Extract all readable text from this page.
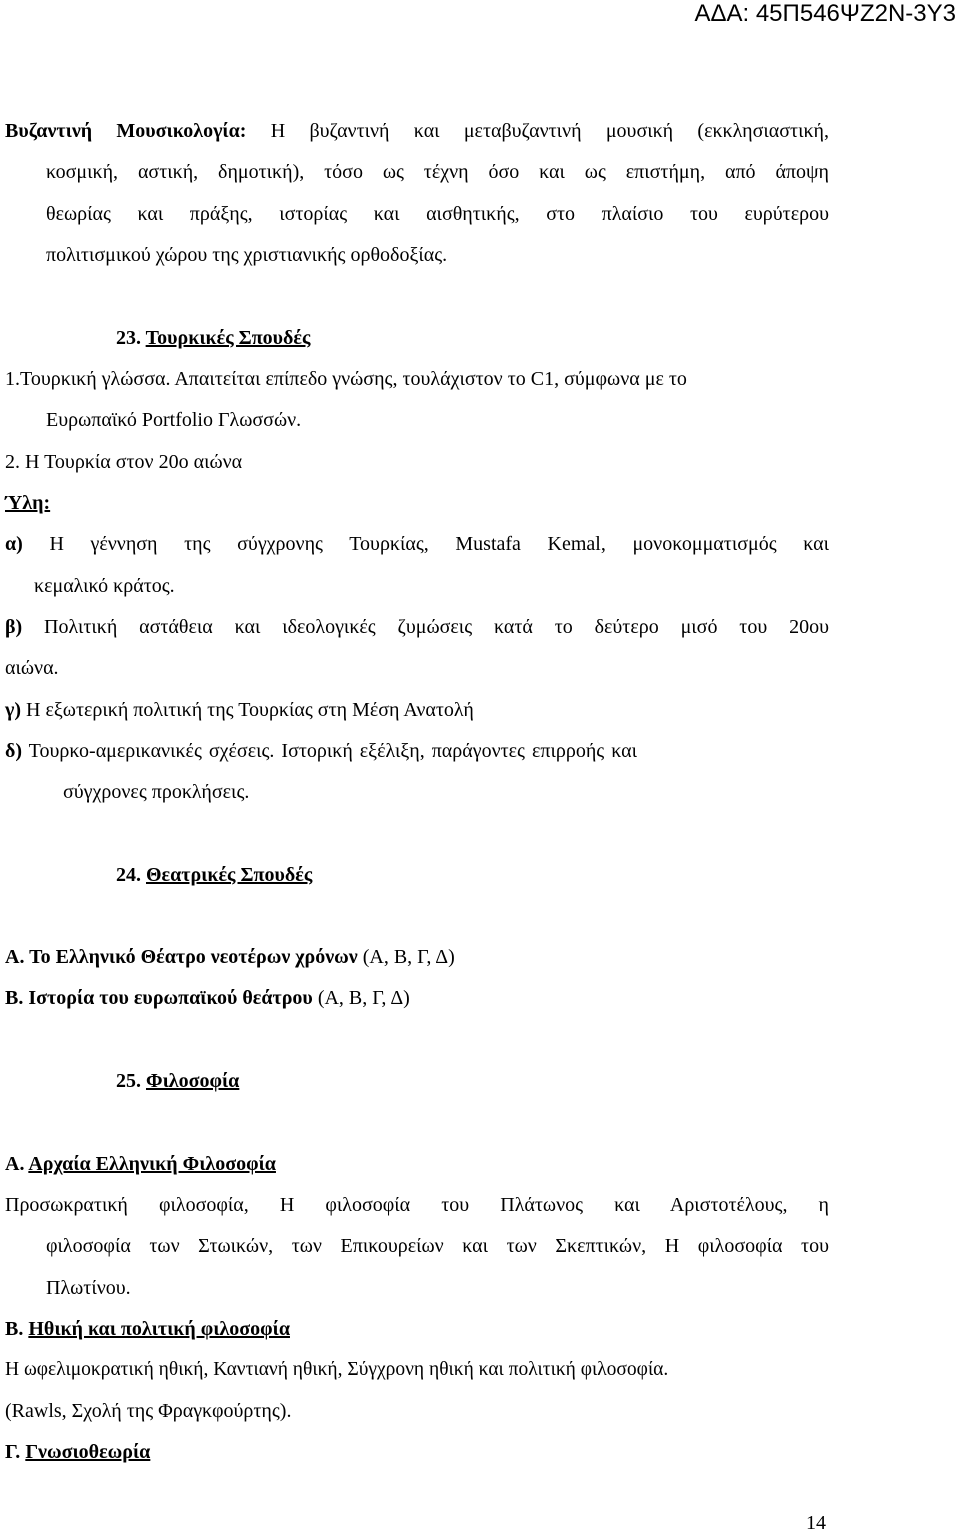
ΑΔΑ: 45Π546ΨΖ2Ν-3Υ3
Βυζαντινή Μουσικολογία: Η βυζαντινή και μεταβυζαντινή μουσική (εκκλησιαστική,
κοσμική, αστική, δημοτική), τόσο ως τέχνη όσο και ως επιστήμη, από άποψη
θεωρίας και πράξης, ιστορίας και αισθητικής, στο πλαίσιο του ευρύτερου
πολιτισμικού χώρου της χριστιανικής ορθοδοξίας.
23. Τουρκικές Σπουδές
1.Τουρκική γλώσσα. Απαιτείται επίπεδο γνώσης, τουλάχιστον το C1, σύμφωνα με το
Ευρωπαϊκό Portfolio Γλωσσών.
2. Η Τουρκία στον 20ο αιώνα
Ύλη:
α) Η γέννηση της σύγχρονης Τουρκίας, Mustafa Kemal, μονοκομματισμός και
κεμαλικό κράτος.
β) Πολιτική αστάθεια και ιδεολογικές ζυμώσεις κατά το δεύτερο μισό του 20ου
αιώνα.
γ) Η εξωτερική πολιτική της Τουρκίας στη Μέση Ανατολή
δ) Τουρκο-αμερικανικές σχέσεις. Ιστορική εξέλιξη, παράγοντες επιρροής και
σύγχρονες προκλήσεις.
24. Θεατρικές Σπουδές
Α. Το Ελληνικό Θέατρο νεοτέρων χρόνων (Α, Β, Γ, Δ)
Β. Ιστορία του ευρωπαϊκού θεάτρου (Α, Β, Γ, Δ)
25. Φιλοσοφία
Α. Αρχαία Ελληνική Φιλοσοφία
Προσωκρατική φιλοσοφία, Η φιλοσοφία του Πλάτωνος και Αριστοτέλους, η
φιλοσοφία των Στωικών, των Επικουρείων και των Σκεπτικών, Η φιλοσοφία του
Πλωτίνου.
Β. Ηθική και πολιτική φιλοσοφία
Η ωφελιμοκρατική ηθική, Καντιανή ηθική, Σύγχρονη ηθική και πολιτική φιλοσοφία.
(Rawls, Σχολή της Φραγκφούρτης).
Γ. Γνωσιοθεωρία
14
